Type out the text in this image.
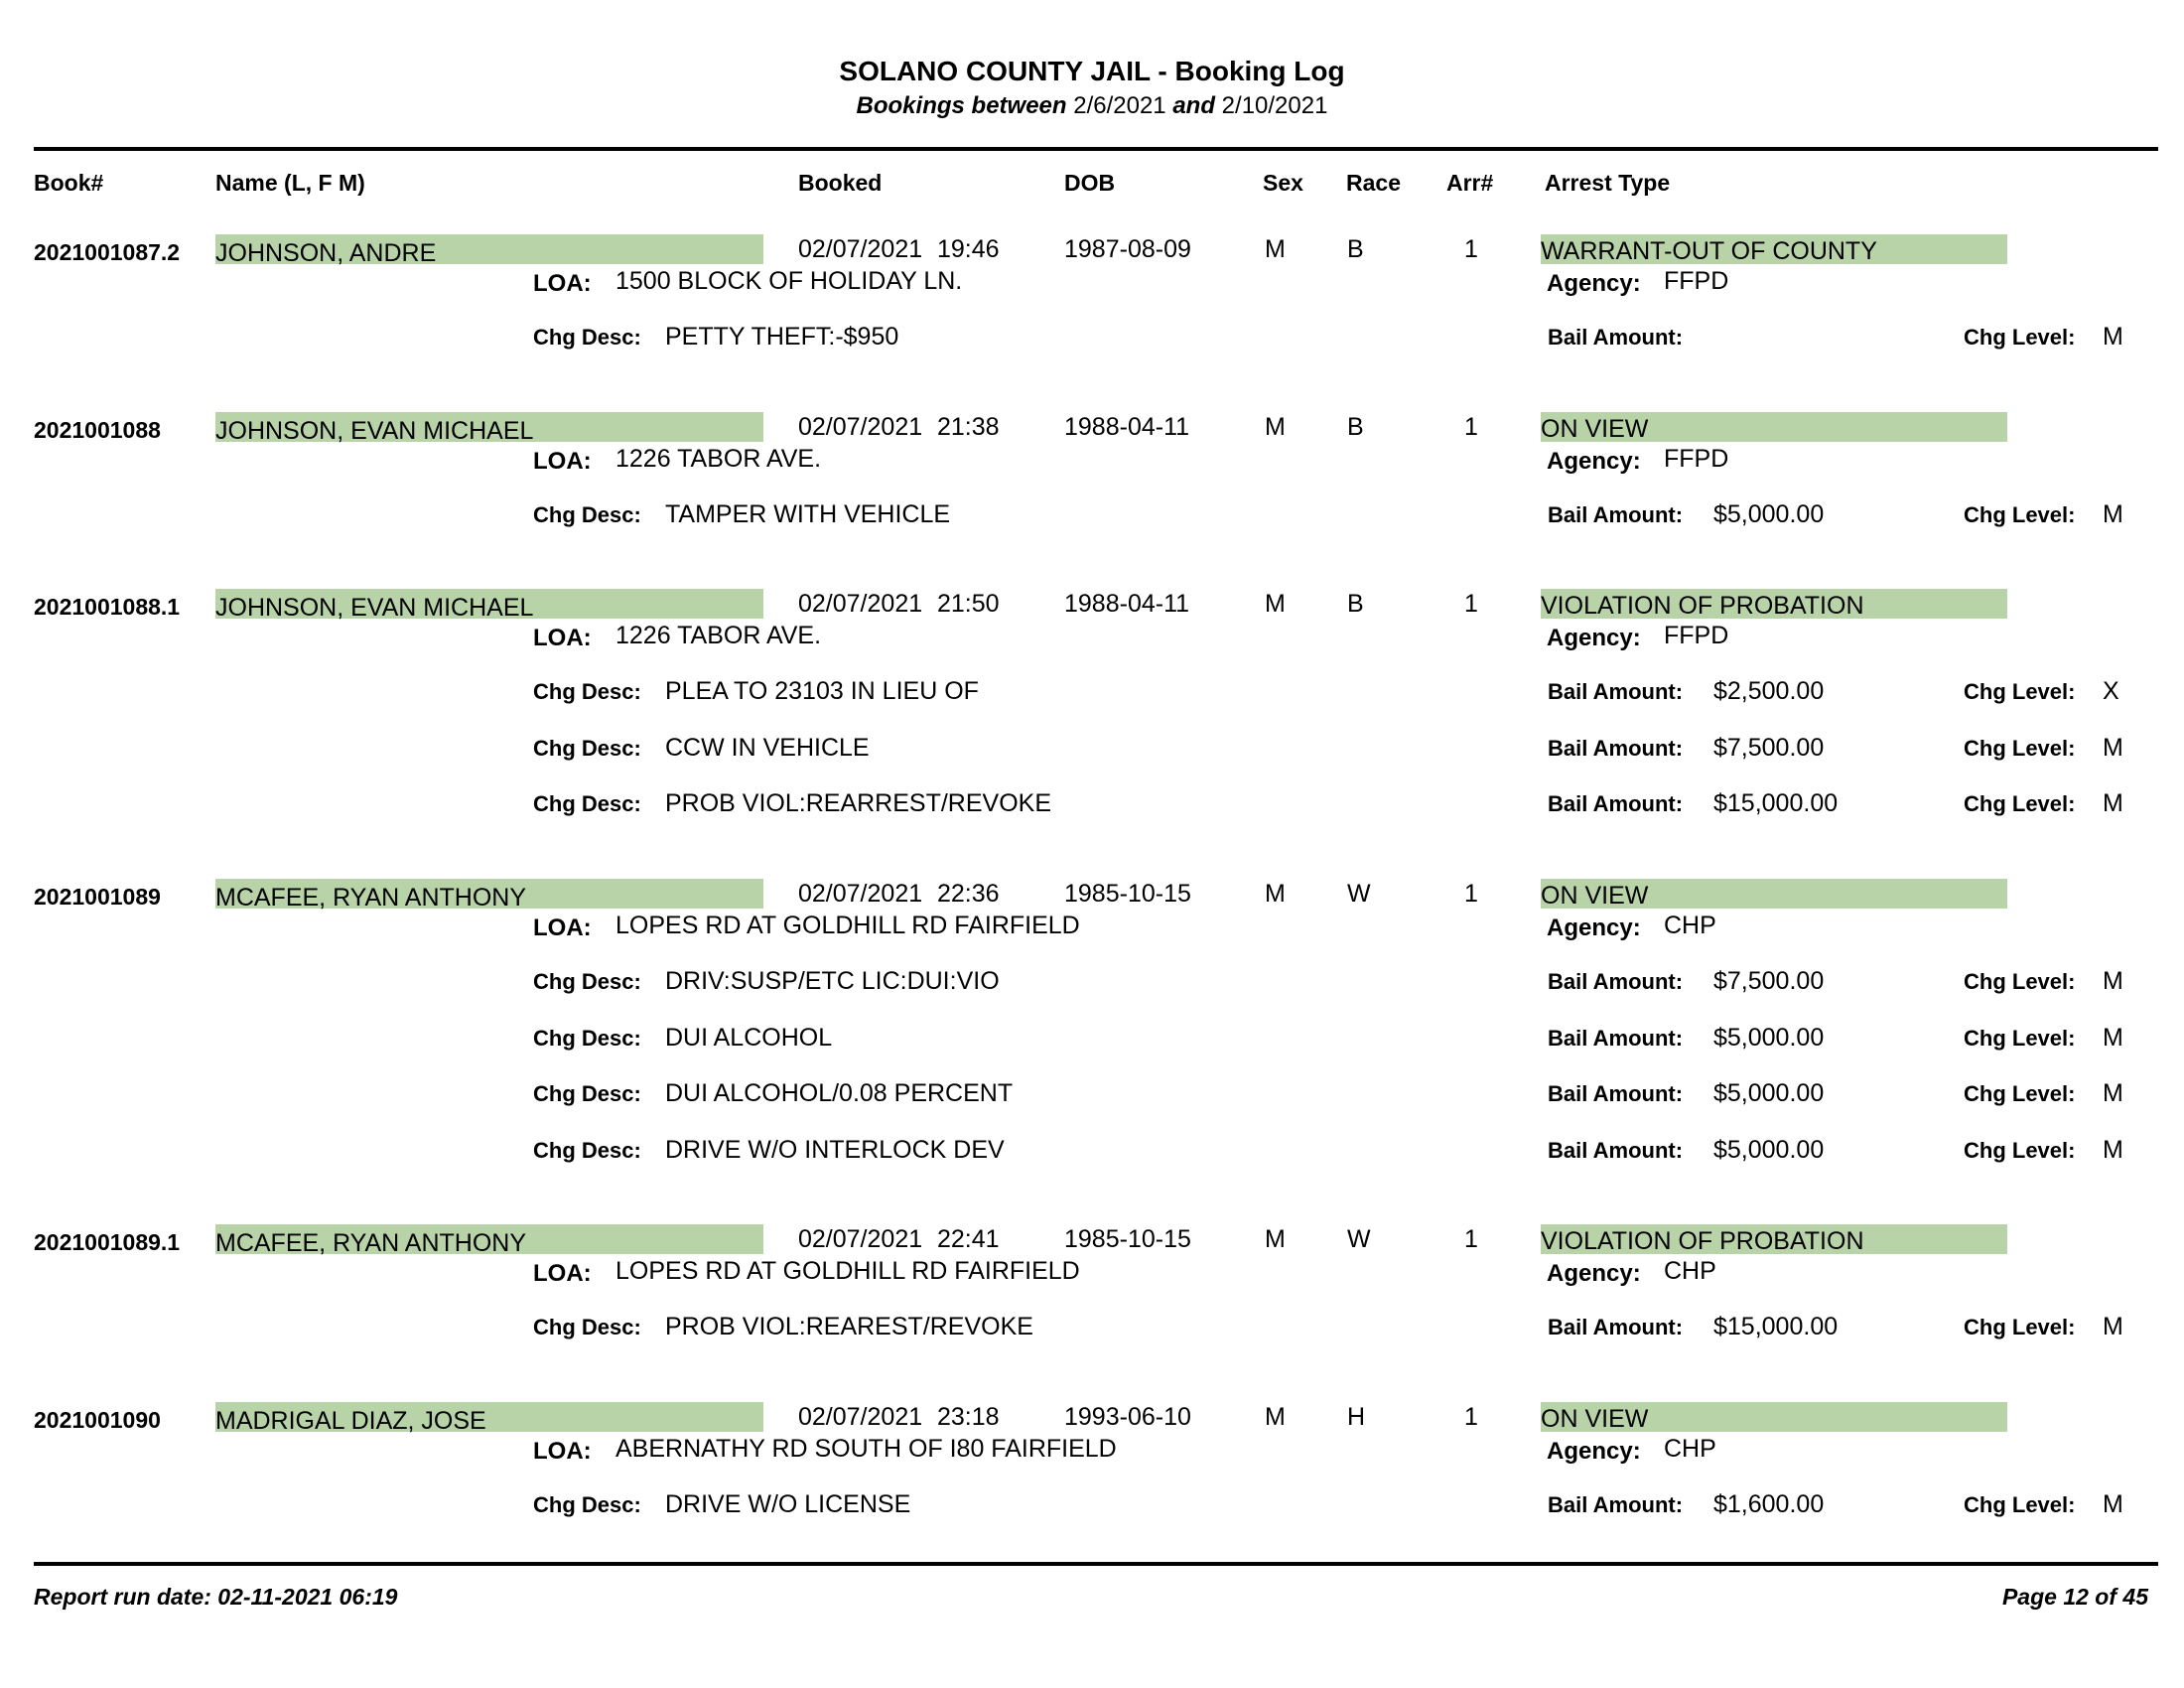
SOLANO COUNTY JAIL - Booking Log
Bookings between 2/6/2021 and 2/10/2021
Book#	Name (L, F M)	Booked	DOB	Sex Race Arr# Arrest Type
2021001087.2 JOHNSON, ANDRE	02/07/2021 19:46	1987-08-09	M B	1	WARRANT-OUT OF COUNTY
LOA: 1500 BLOCK OF HOLIDAY LN.	Agency: FFPD
Chg Desc: PETTY THEFT:-$950	Bail Amount:	Chg Level: M
2021001088 JOHNSON, EVAN MICHAEL	02/07/2021 21:38	1988-04-11	M B	1	ON VIEW
LOA: 1226 TABOR AVE.	Agency: FFPD
Chg Desc: TAMPER WITH VEHICLE	Bail Amount: $5,000.00	Chg Level: M
2021001088.1 JOHNSON, EVAN MICHAEL	02/07/2021 21:50	1988-04-11	M B	1	VIOLATION OF PROBATION
LOA: 1226 TABOR AVE.	Agency: FFPD
Chg Desc: PLEA TO 23103 IN LIEU OF	Bail Amount: $2,500.00	Chg Level: X
Chg Desc: CCW IN VEHICLE	Bail Amount: $7,500.00	Chg Level: M
Chg Desc: PROB VIOL:REARREST/REVOKE	Bail Amount: $15,000.00	Chg Level: M
2021001089 MCAFEE, RYAN ANTHONY	02/07/2021 22:36	1985-10-15	M W	1	ON VIEW
LOA: LOPES RD AT GOLDHILL RD FAIRFIELD	Agency: CHP
Chg Desc: DRIV:SUSP/ETC LIC:DUI:VIO	Bail Amount: $7,500.00	Chg Level: M
Chg Desc: DUI ALCOHOL	Bail Amount: $5,000.00	Chg Level: M
Chg Desc: DUI ALCOHOL/0.08 PERCENT	Bail Amount: $5,000.00	Chg Level: M
Chg Desc: DRIVE W/O INTERLOCK DEV	Bail Amount: $5,000.00	Chg Level: M
2021001089.1 MCAFEE, RYAN ANTHONY	02/07/2021 22:41	1985-10-15	M W	1	VIOLATION OF PROBATION
LOA: LOPES RD AT GOLDHILL RD FAIRFIELD	Agency: CHP
Chg Desc: PROB VIOL:REAREST/REVOKE	Bail Amount: $15,000.00	Chg Level: M
2021001090 MADRIGAL DIAZ, JOSE	02/07/2021 23:18	1993-06-10	M H	1	ON VIEW
LOA: ABERNATHY RD SOUTH OF I80 FAIRFIELD	Agency: CHP
Chg Desc: DRIVE W/O LICENSE	Bail Amount: $1,600.00	Chg Level: M
Report run date: 02-11-2021 06:19	Page 12 of 45
